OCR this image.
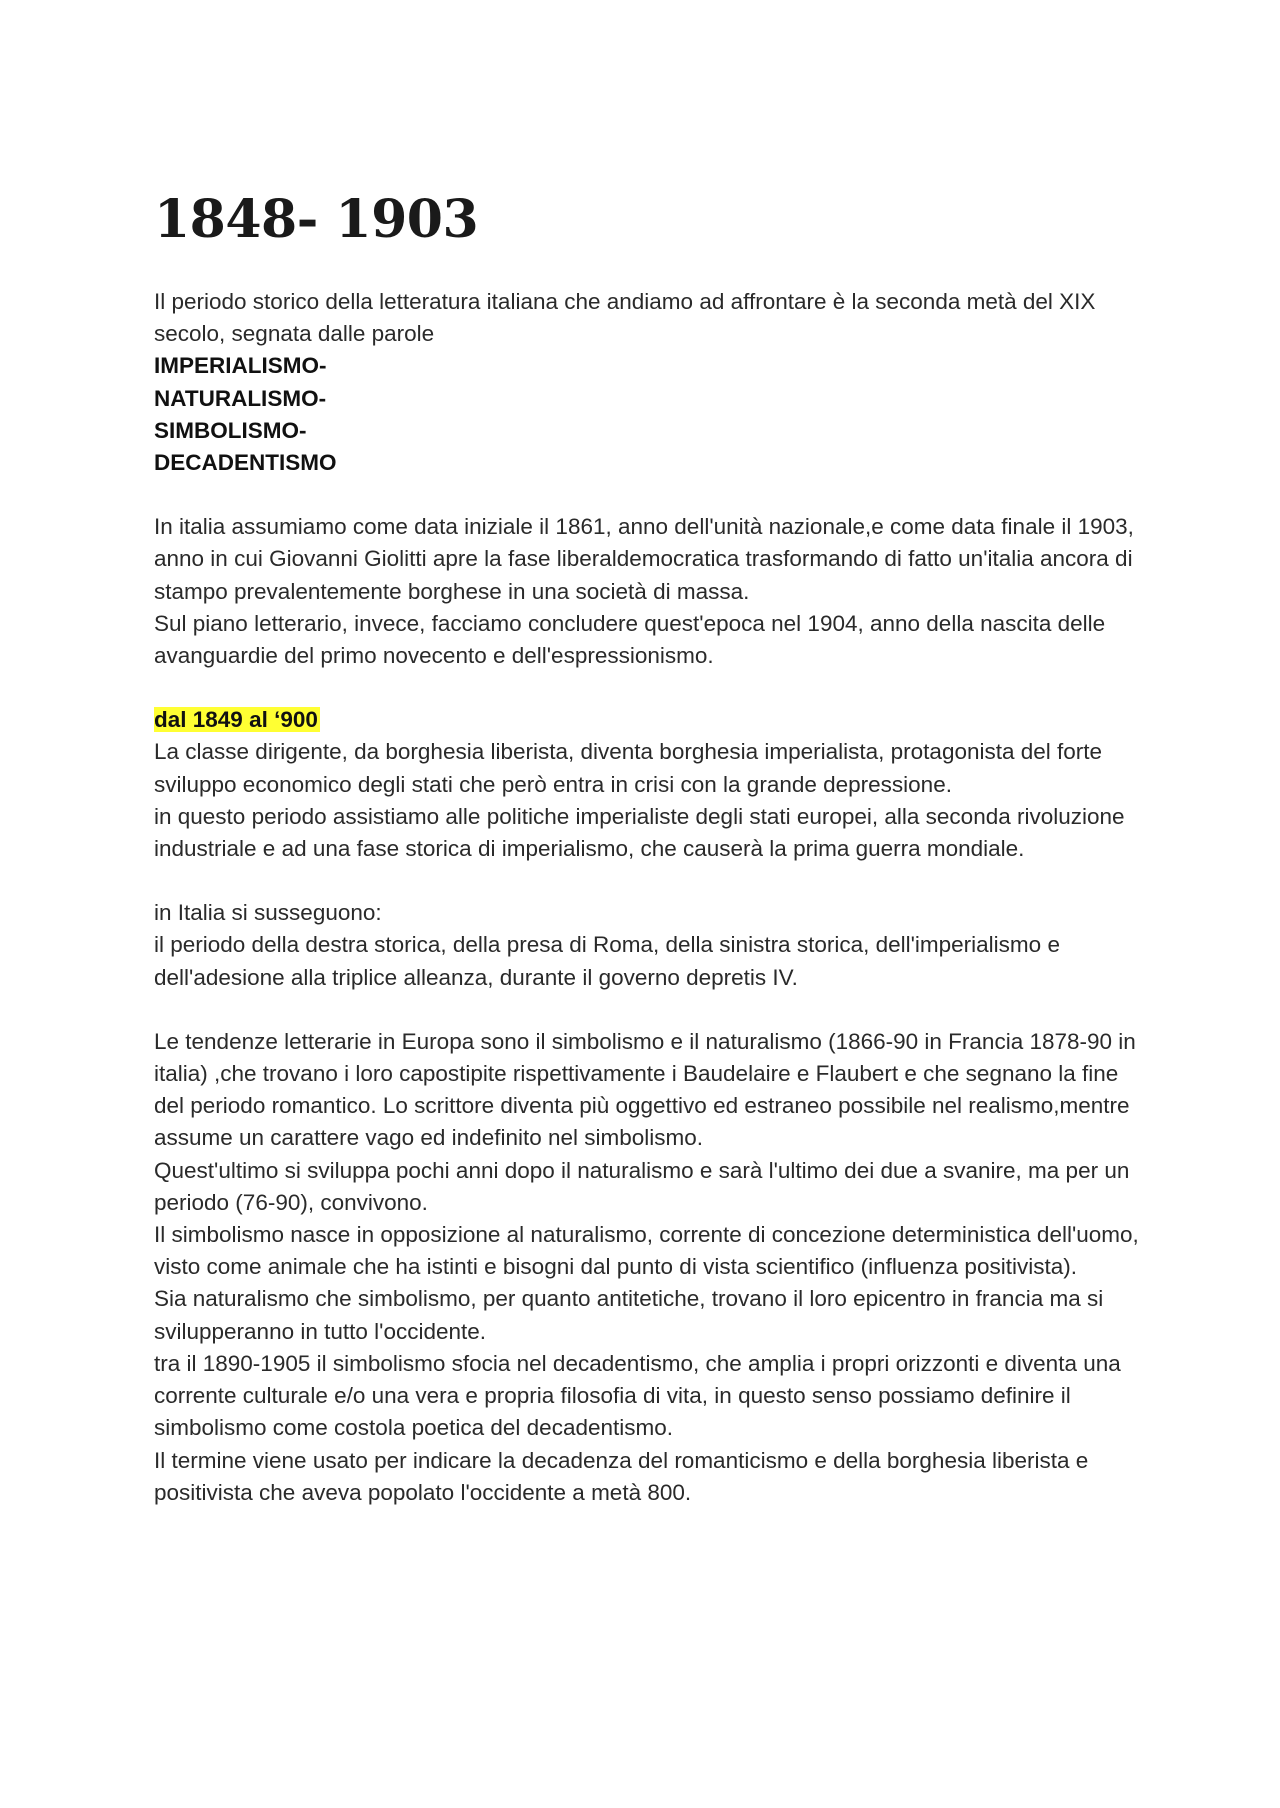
1848- 1903

Il periodo storico della letteratura italiana che andiamo ad affrontare è la seconda metà del XIX secolo, segnata dalle parole

IMPERIALISMO-

NATURALISMO-

SIMBOLISMO-

DECADENTISMO

In italia assumiamo come data iniziale il 1861, anno dell'unità nazionale,e come data finale il 1903, anno in cui Giovanni Giolitti apre la fase liberaldemocratica trasformando di fatto un'italia ancora di stampo prevalentemente borghese in una società di massa.

Sul piano letterario, invece, facciamo concludere quest'epoca nel 1904, anno della nascita delle avanguardie del primo novecento e dell'espressionismo.

dal 1849 al ‘900

La classe dirigente, da borghesia liberista, diventa borghesia imperialista, protagonista del forte sviluppo economico degli stati che però entra in crisi con la grande depressione.

in questo periodo assistiamo alle politiche imperialiste degli stati europei, alla seconda rivoluzione industriale e ad una fase storica di imperialismo, che causerà la prima guerra mondiale.

in Italia si susseguono:

il periodo della destra storica, della presa di Roma, della sinistra storica, dell'imperialismo e dell'adesione alla triplice alleanza, durante il governo depretis IV.

Le tendenze letterarie in Europa sono il simbolismo e il naturalismo (1866-90 in Francia 1878-90 in italia) ,che trovano i loro capostipite rispettivamente i Baudelaire e Flaubert e che segnano la fine del periodo romantico. Lo scrittore diventa più oggettivo ed estraneo possibile nel realismo,mentre assume un carattere vago ed indefinito nel simbolismo.

Quest'ultimo si sviluppa pochi anni dopo il naturalismo e sarà l'ultimo dei due a svanire, ma per un periodo (76-90), convivono.

Il simbolismo nasce in opposizione al naturalismo, corrente di concezione deterministica dell'uomo, visto come animale che ha istinti e bisogni dal punto di vista scientifico (influenza positivista).

Sia naturalismo che simbolismo, per quanto antitetiche, trovano il loro epicentro in francia ma si svilupperanno in tutto l'occidente.

tra il 1890-1905 il simbolismo sfocia nel decadentismo, che amplia i propri orizzonti e diventa una corrente culturale e/o una vera e propria filosofia di vita, in questo senso possiamo definire il simbolismo come costola poetica del decadentismo.

Il termine viene usato per indicare la decadenza del romanticismo e della borghesia liberista e positivista che aveva popolato l'occidente a metà 800.
